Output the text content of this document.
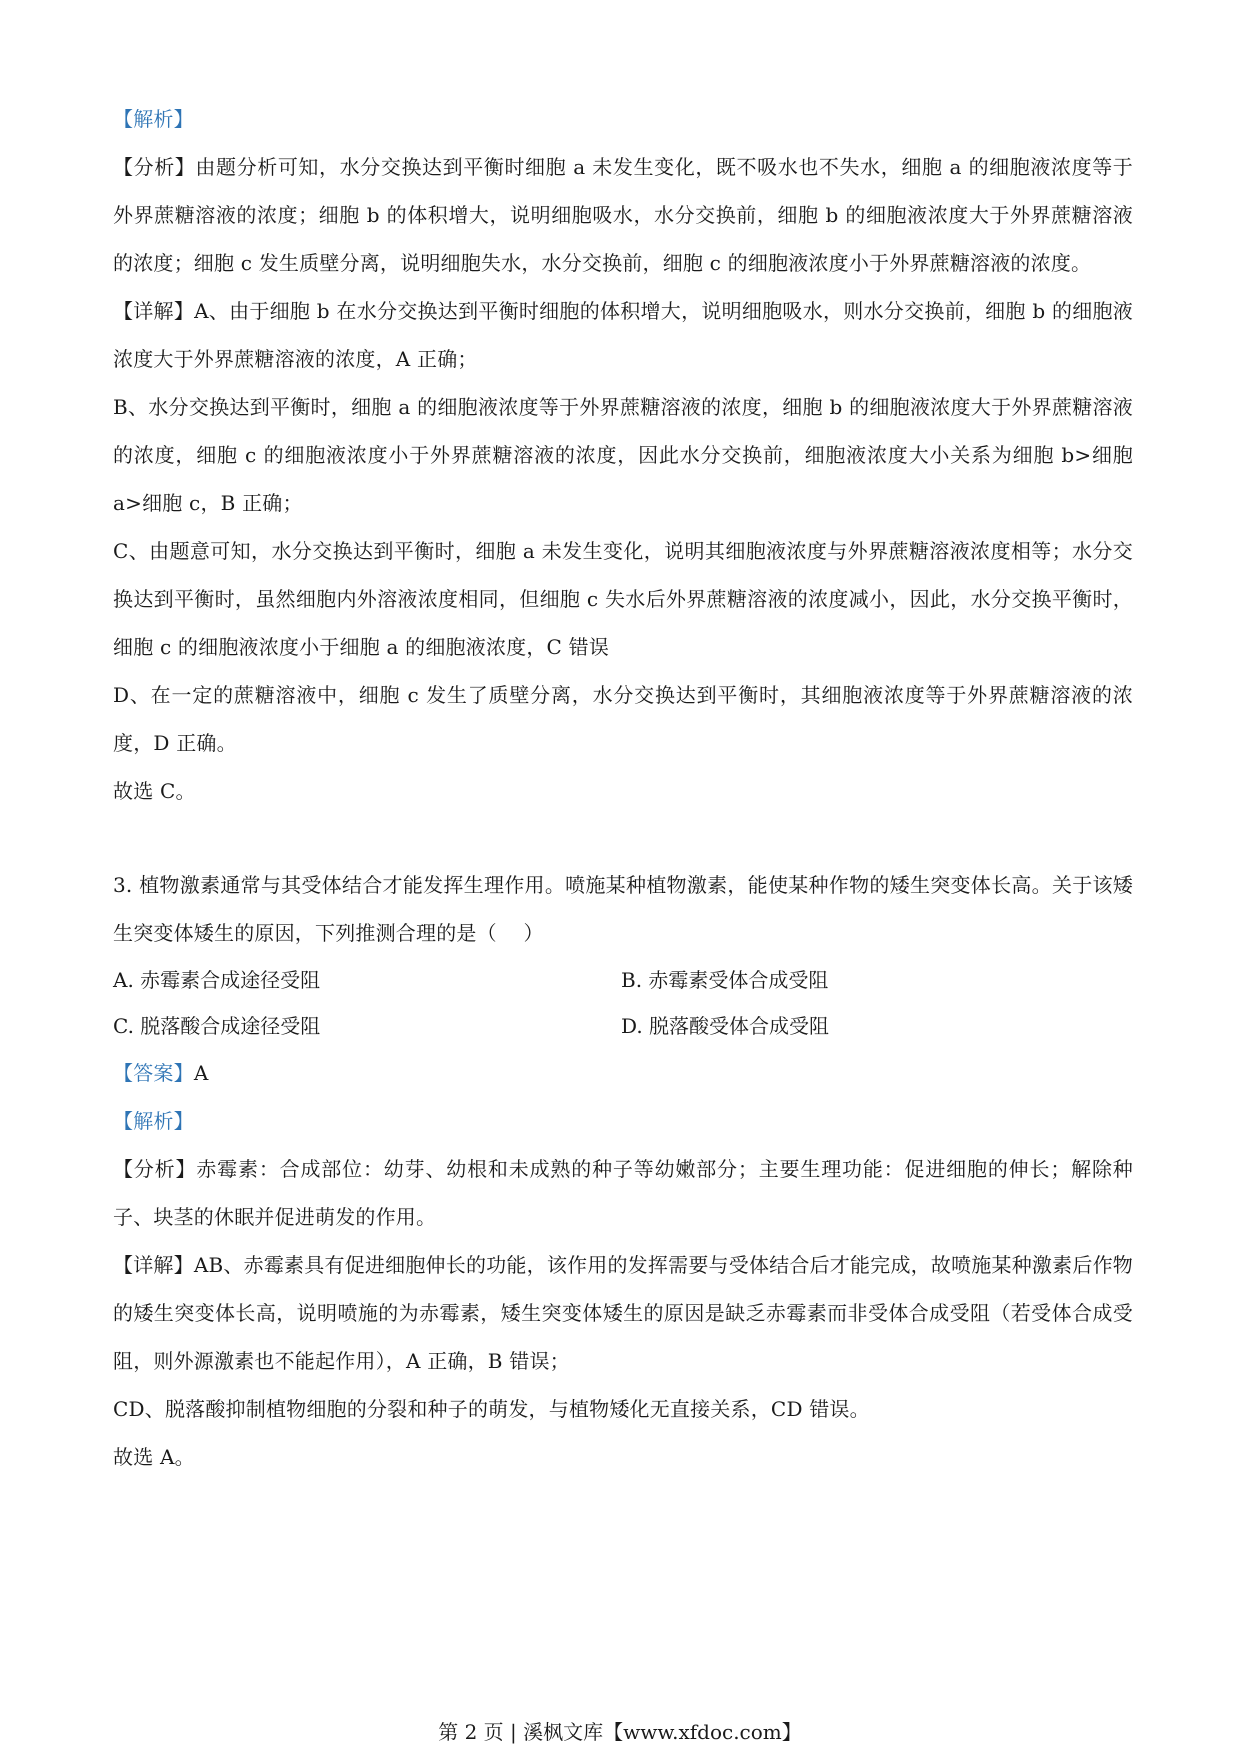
【解析】

【分析】由题分析可知，水分交换达到平衡时细胞 a 未发生变化，既不吸水也不失水，细胞 a 的细胞液浓度等于外界蔗糖溶液的浓度；细胞 b 的体积增大，说明细胞吸水，水分交换前，细胞 b 的细胞液浓度大于外界蔗糖溶液的浓度；细胞 c 发生质壁分离，说明细胞失水，水分交换前，细胞 c 的细胞液浓度小于外界蔗糖溶液的浓度。

【详解】A、由于细胞 b 在水分交换达到平衡时细胞的体积增大，说明细胞吸水，则水分交换前，细胞 b 的细胞液浓度大于外界蔗糖溶液的浓度，A 正确；

B、水分交换达到平衡时，细胞 a 的细胞液浓度等于外界蔗糖溶液的浓度，细胞 b 的细胞液浓度大于外界蔗糖溶液的浓度，细胞 c 的细胞液浓度小于外界蔗糖溶液的浓度，因此水分交换前，细胞液浓度大小关系为细胞 b>细胞 a>细胞 c，B 正确；

C、由题意可知，水分交换达到平衡时，细胞 a 未发生变化，说明其细胞液浓度与外界蔗糖溶液浓度相等；水分交换达到平衡时，虽然细胞内外溶液浓度相同，但细胞 c 失水后外界蔗糖溶液的浓度减小，因此，水分交换平衡时，细胞 c 的细胞液浓度小于细胞 a 的细胞液浓度，C 错误

D、在一定的蔗糖溶液中，细胞 c 发生了质壁分离，水分交换达到平衡时，其细胞液浓度等于外界蔗糖溶液的浓度，D 正确。

故选 C。

3. 植物激素通常与其受体结合才能发挥生理作用。喷施某种植物激素，能使某种作物的矮生突变体长高。关于该矮生突变体矮生的原因，下列推测合理的是（　 ）

A. 赤霉素合成途径受阻	B. 赤霉素受体合成受阻
C. 脱落酸合成途径受阻	D. 脱落酸受体合成受阻

【答案】A

【解析】

【分析】赤霉素：合成部位：幼芽、幼根和未成熟的种子等幼嫩部分；主要生理功能：促进细胞的伸长；解除种子、块茎的休眠并促进萌发的作用。

【详解】AB、赤霉素具有促进细胞伸长的功能，该作用的发挥需要与受体结合后才能完成，故喷施某种激素后作物的矮生突变体长高，说明喷施的为赤霉素，矮生突变体矮生的原因是缺乏赤霉素而非受体合成受阻（若受体合成受阻，则外源激素也不能起作用），A 正确，B 错误；

CD、脱落酸抑制植物细胞的分裂和种子的萌发，与植物矮化无直接关系，CD 错误。

故选 A。

第 2 页 | 溪枫文库【www.xfdoc.com】
